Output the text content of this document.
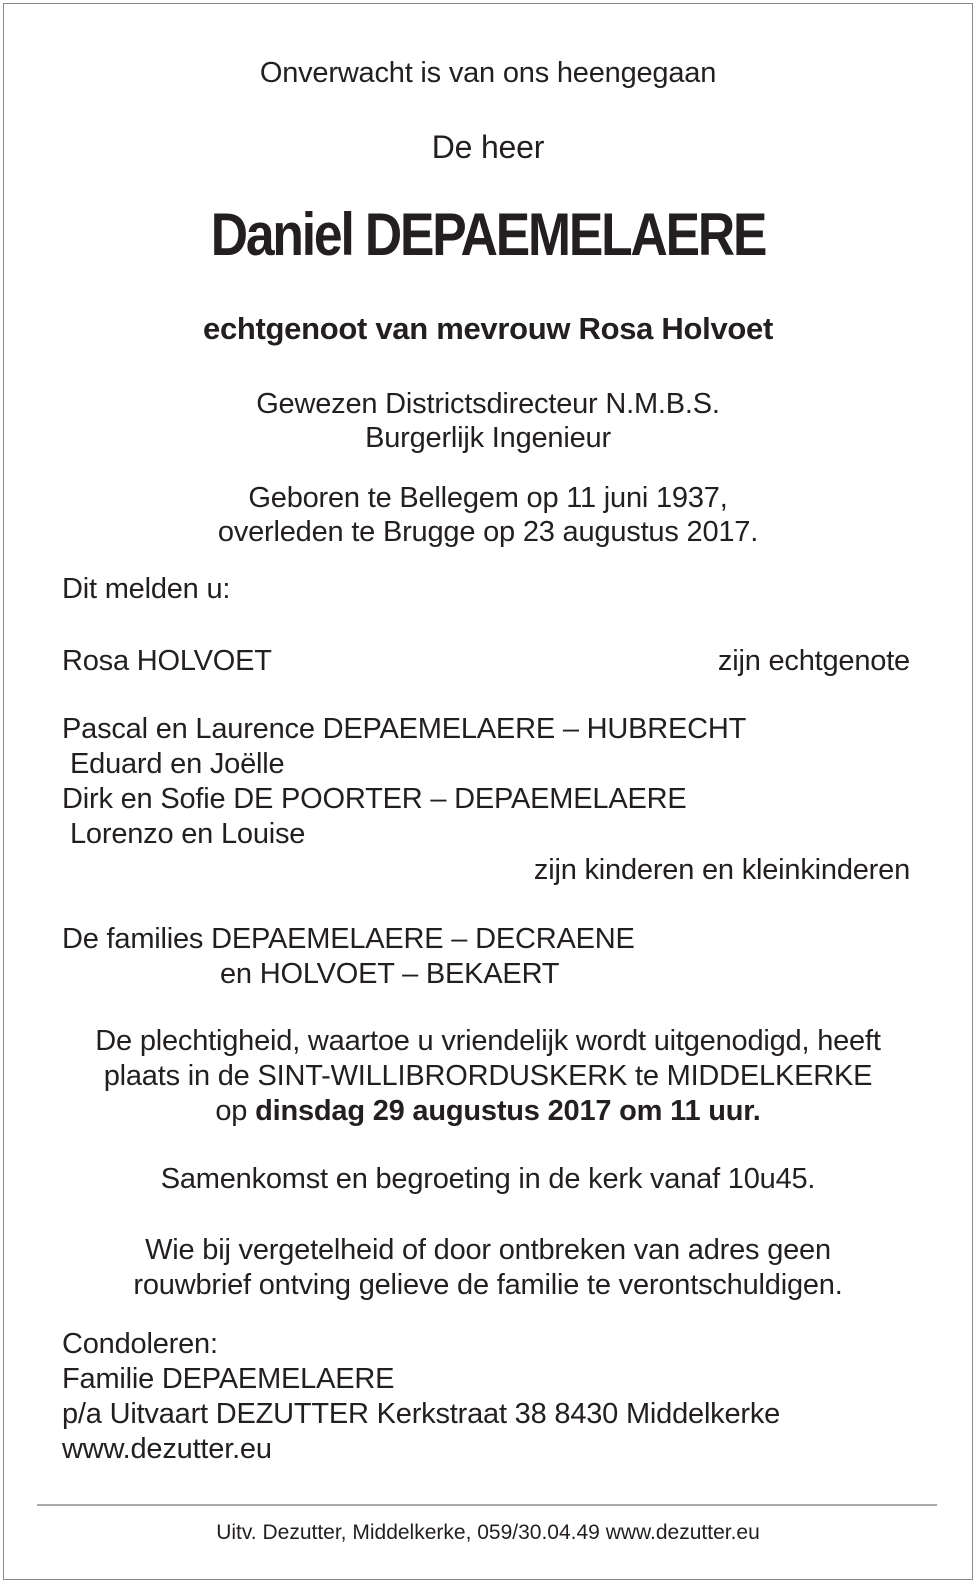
Onverwacht is van ons heengegaan
De heer
Daniel DEPAEMELAERE
echtgenoot van mevrouw Rosa Holvoet
Gewezen Districtsdirecteur N.M.B.S.
Burgerlijk Ingenieur
Geboren te Bellegem op 11 juni 1937,
overleden te Brugge op 23 augustus 2017.
Dit melden u:
Rosa HOLVOET	zijn echtgenote
Pascal en Laurence DEPAEMELAERE – HUBRECHT
Eduard en Joëlle
Dirk en Sofie DE POORTER – DEPAEMELAERE
Lorenzo en Louise
zijn kinderen en kleinkinderen
De families DEPAEMELAERE – DECRAENE
en HOLVOET – BEKAERT
De plechtigheid, waartoe u vriendelijk wordt uitgenodigd, heeft
plaats in de SINT-WILLIBRORDUSKERK te MIDDELKERKE
op dinsdag 29 augustus 2017 om 11 uur.
Samenkomst en begroeting in de kerk vanaf 10u45.
Wie bij vergetelheid of door ontbreken van adres geen
rouwbrief ontving gelieve de familie te verontschuldigen.
Condoleren:
Familie DEPAEMELAERE
p/a Uitvaart DEZUTTER Kerkstraat 38 8430 Middelkerke
www.dezutter.eu
Uitv. Dezutter, Middelkerke, 059/30.04.49 www.dezutter.eu
